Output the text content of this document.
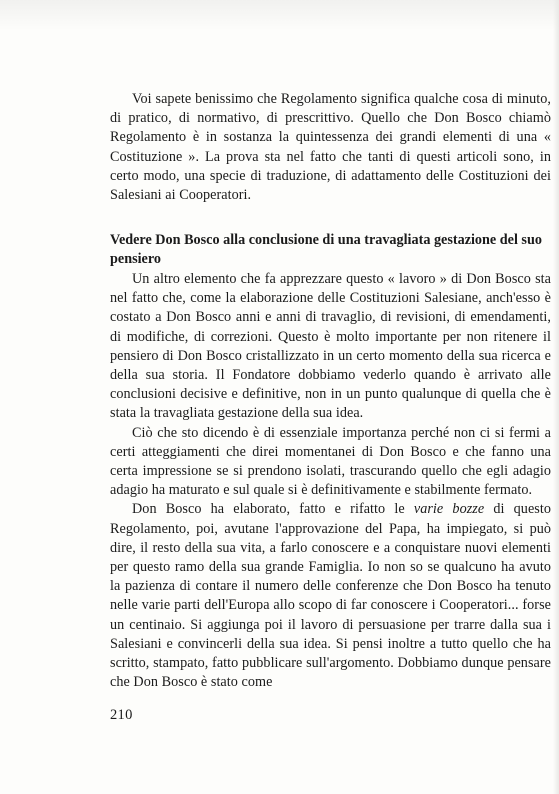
Voi sapete benissimo che Regolamento significa qualche cosa di minuto, di pratico, di normativo, di prescrittivo. Quello che Don Bosco chiamò Regolamento è in sostanza la quintessenza dei grandi elementi di una « Costituzione ». La prova sta nel fatto che tanti di questi articoli sono, in certo modo, una specie di traduzione, di adattamento delle Costituzioni dei Salesiani ai Cooperatori.

Vedere Don Bosco alla conclusione di una travagliata gestazione del suo pensiero

Un altro elemento che fa apprezzare questo « lavoro » di Don Bosco sta nel fatto che, come la elaborazione delle Costituzioni Salesiane, anch'esso è costato a Don Bosco anni e anni di travaglio, di revisioni, di emendamenti, di modifiche, di correzioni. Questo è molto importante per non ritenere il pensiero di Don Bosco cristallizzato in un certo momento della sua ricerca e della sua storia. Il Fondatore dobbiamo vederlo quando è arrivato alle conclusioni decisive e definitive, non in un punto qualunque di quella che è stata la travagliata gestazione della sua idea.

Ciò che sto dicendo è di essenziale importanza perché non ci si fermi a certi atteggiamenti che direi momentanei di Don Bosco e che fanno una certa impressione se si prendono isolati, trascurando quello che egli adagio adagio ha maturato e sul quale si è definitivamente e stabilmente fermato.

Don Bosco ha elaborato, fatto e rifatto le varie bozze di questo Regolamento, poi, avutane l'approvazione del Papa, ha impiegato, si può dire, il resto della sua vita, a farlo conoscere e a conquistare nuovi elementi per questo ramo della sua grande Famiglia. Io non so se qualcuno ha avuto la pazienza di contare il numero delle conferenze che Don Bosco ha tenuto nelle varie parti dell'Europa allo scopo di far conoscere i Cooperatori... forse un centinaio. Si aggiunga poi il lavoro di persuasione per trarre dalla sua i Salesiani e convincerli della sua idea. Si pensi inoltre a tutto quello che ha scritto, stampato, fatto pubblicare sull'argomento. Dobbiamo dunque pensare che Don Bosco è stato come

210
